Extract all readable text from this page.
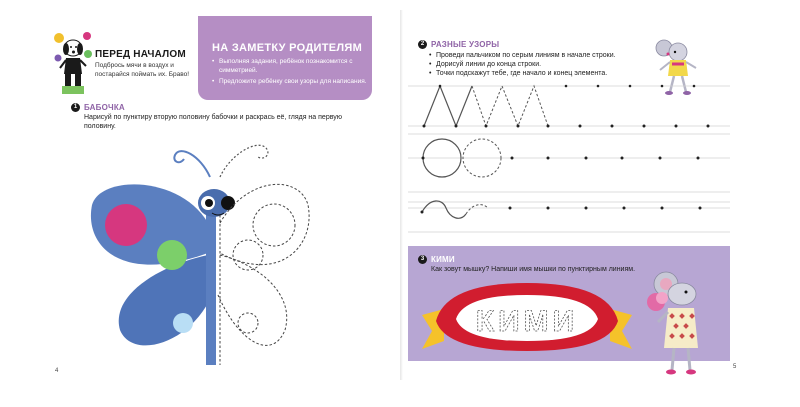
ПЕРЕД НАЧАЛОМ
Подбрось мячи в воздух и постарайся поймать их. Браво!
НА ЗАМЕТКУ РОДИТЕЛЯМ
• Выполняя задания, ребёнок познакомится с симметрией.
• Предложите ребёнку свои узоры для написания.
1 БАБОЧКА
Нарисуй по пунктиру вторую половину бабочки и раскрась её, глядя на первую половину.
4
2 РАЗНЫЕ УЗОРЫ
• Проведи пальчиком по серым линиям в начале строки.
• Дорисуй линии до конца строки.
• Точки подскажут тебе, где начало и конец элемента.
3 КИМИ
Как зовут мышку? Напиши имя мышки по пунктирным линиям.
КИМИ
5
